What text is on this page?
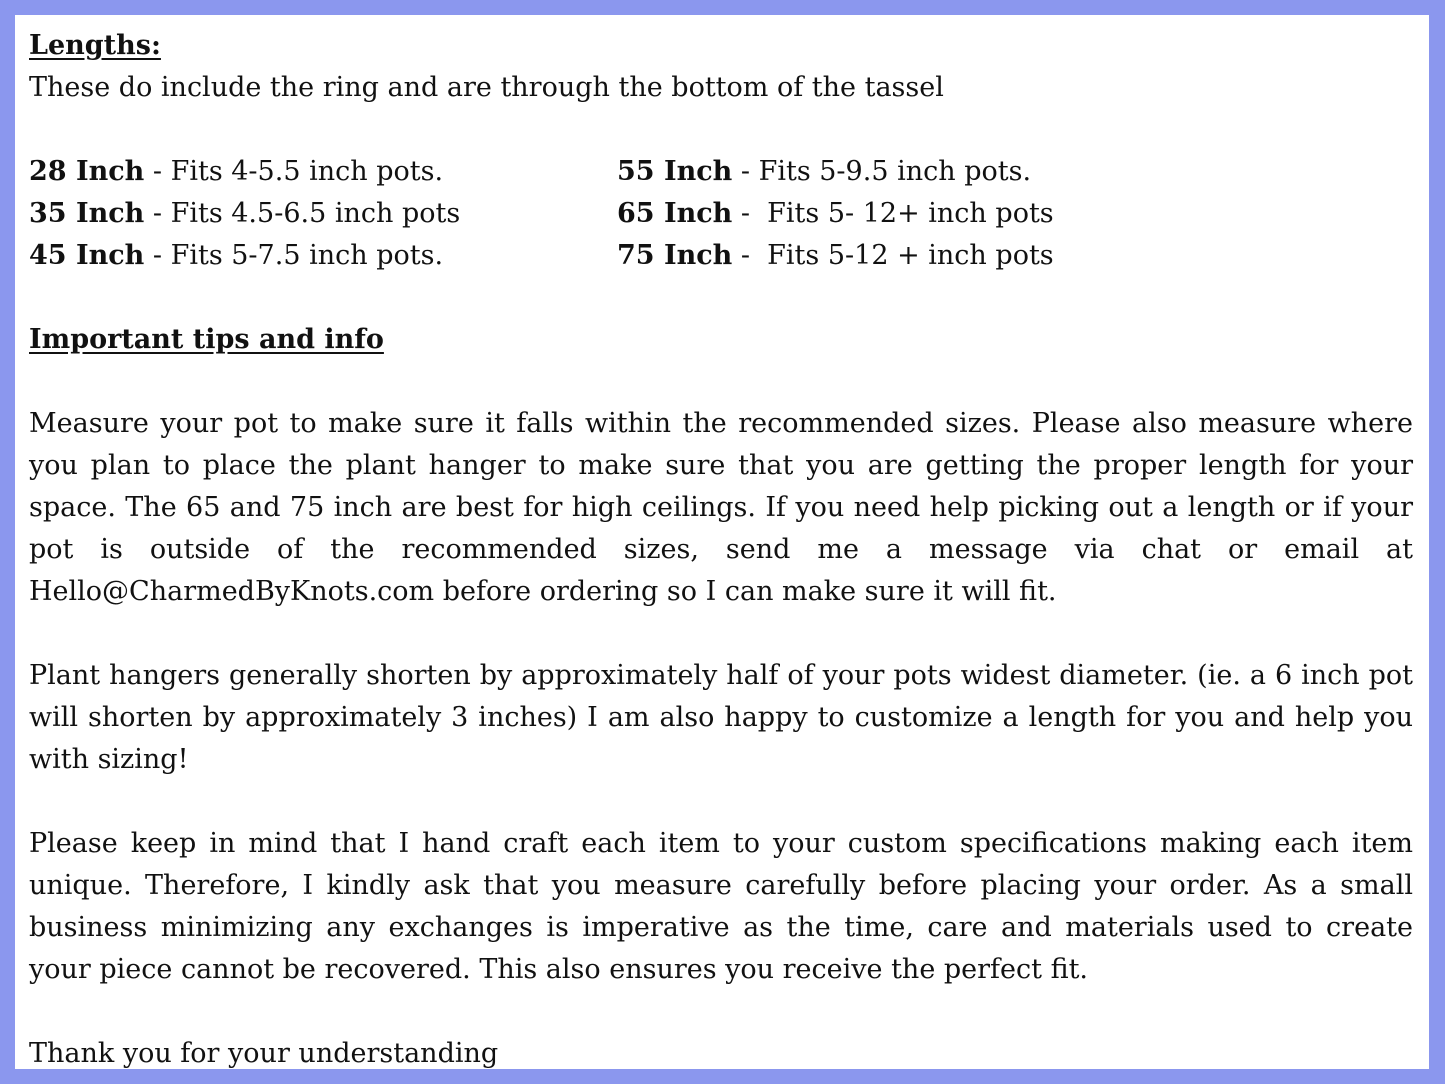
Lengths:
These do include the ring and are through the bottom of the tassel
28 Inch - Fits 4-5.5 inch pots.	55 Inch - Fits 5-9.5 inch pots.
35 Inch - Fits 4.5-6.5 inch pots	65 Inch -  Fits 5- 12+ inch pots
45 Inch - Fits 5-7.5 inch pots.	75 Inch -  Fits 5-12 + inch pots
Important tips and info
Measure your pot to make sure it falls within the recommended sizes. Please also measure where you plan to place the plant hanger to make sure that you are getting the proper length for your space. The 65 and 75 inch are best for high ceilings. If you need help picking out a length or if your pot is outside of the recommended sizes, send me a message via chat or email at Hello@CharmedByKnots.com before ordering so I can make sure it will fit.
Plant hangers generally shorten by approximately half of your pots widest diameter. (ie. a 6 inch pot will shorten by approximately 3 inches) I am also happy to customize a length for you and help you with sizing!
Please keep in mind that I hand craft each item to your custom specifications making each item unique. Therefore, I kindly ask that you measure carefully before placing your order. As a small business minimizing any exchanges is imperative as the time, care and materials used to create your piece cannot be recovered. This also ensures you receive the perfect fit.
Thank you for your understanding
